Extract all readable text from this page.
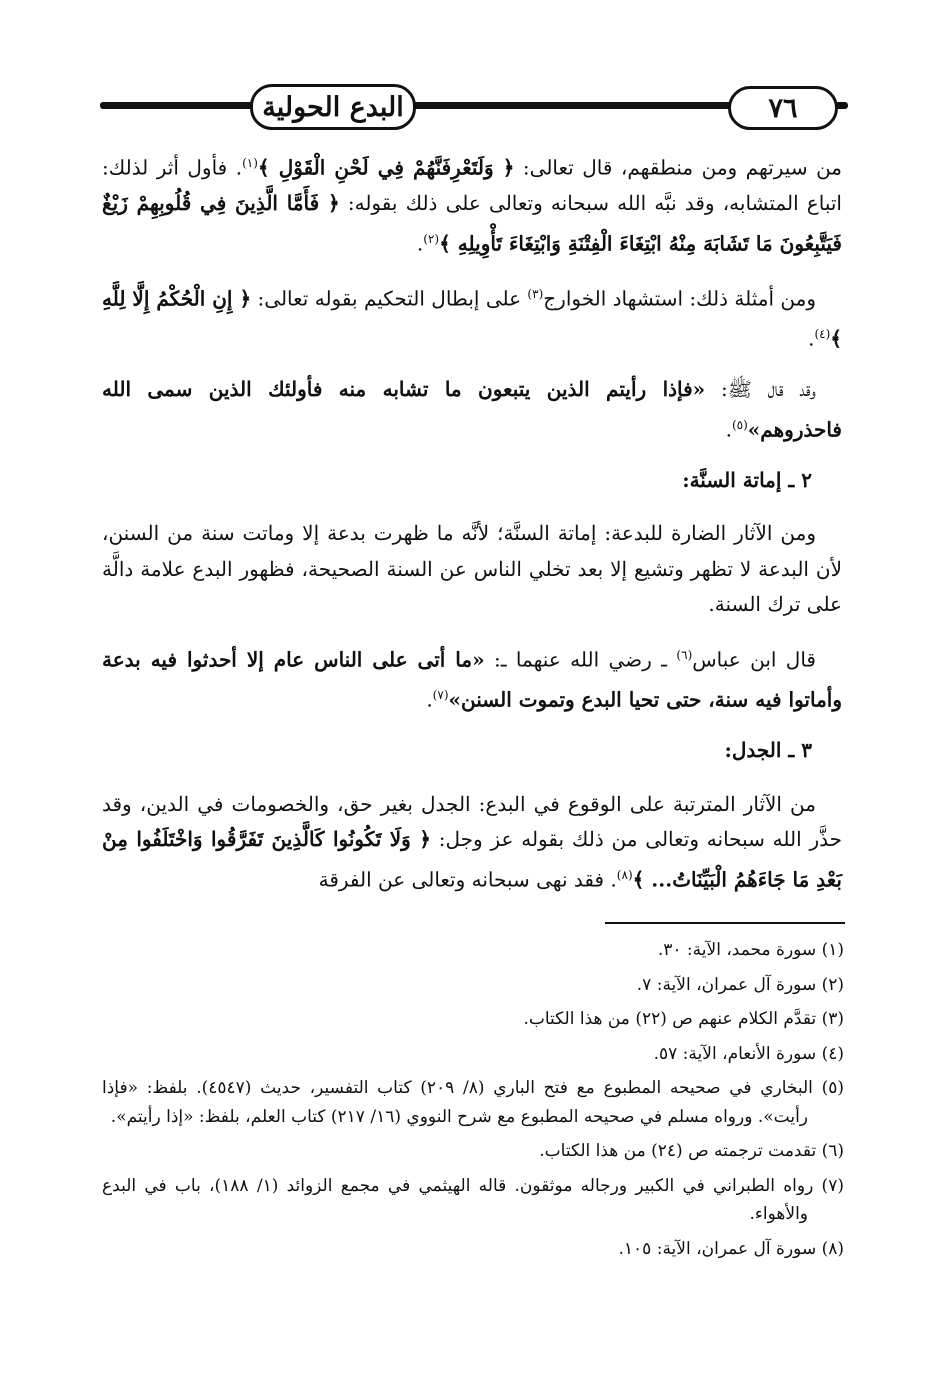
البدع الحولية	٧٦

من سيرتهم ومن منطقهم، قال تعالى: ﴿ وَلَتَعْرِفَنَّهُمْ فِي لَحْنِ الْقَوْلِ ﴾$^{(١)}$. فأول أثر لذلك: اتباع المتشابه، وقد نبَّه الله سبحانه وتعالى على ذلك بقوله: ﴿ فَأَمَّا الَّذِينَ فِي قُلُوبِهِمْ زَيْغٌ فَيَتَّبِعُونَ مَا تَشَابَهَ مِنْهُ ابْتِغَاءَ الْفِتْنَةِ وَابْتِغَاءَ تَأْوِيلِهِ ﴾$^{(٢)}$.

ومن أمثلة ذلك: استشهاد الخوارج$^{(٣)}$ على إبطال التحكيم بقوله تعالى: ﴿ إِنِ الْحُكْمُ إِلَّا لِلَّهِ ﴾$^{(٤)}$.

وقد قال ﷺ: «فإذا رأيتم الذين يتبعون ما تشابه منه فأولئك الذين سمى الله فاحذروهم»$^{(٥)}$.

٢ ـ إماتة السنَّة:

ومن الآثار الضارة للبدعة: إماتة السنَّة؛ لأنَّه ما ظهرت بدعة إلا وماتت سنة من السنن، لأن البدعة لا تظهر وتشيع إلا بعد تخلي الناس عن السنة الصحيحة، فظهور البدع علامة دالَّة على ترك السنة.

قال ابن عباس$^{(٦)}$ ـ رضي الله عنهما ـ: «ما أتى على الناس عام إلا أحدثوا فيه بدعة وأماتوا فيه سنة، حتى تحيا البدع وتموت السنن»$^{(٧)}$.

٣ ـ الجدل:

من الآثار المترتبة على الوقوع في البدع: الجدل بغير حق، والخصومات في الدين، وقد حذَّر الله سبحانه وتعالى من ذلك بقوله عز وجل: ﴿ وَلَا تَكُونُوا كَالَّذِينَ تَفَرَّقُوا وَاخْتَلَفُوا مِنْ بَعْدِ مَا جَاءَهُمُ الْبَيِّنَاتُ... ﴾$^{(٨)}$. فقد نهى سبحانه وتعالى عن الفرقة

(١) سورة محمد، الآية: ٣٠.
(٢) سورة آل عمران، الآية: ٧.
(٣) تقدَّم الكلام عنهم ص (٢٢) من هذا الكتاب.
(٤) سورة الأنعام، الآية: ٥٧.
(٥) البخاري في صحيحه المطبوع مع فتح الباري (٨/ ٢٠٩) كتاب التفسير، حديث (٤٥٤٧). بلفظ: «فإذا رأيت». ورواه مسلم في صحيحه المطبوع مع شرح النووي (١٦/ ٢١٧) كتاب العلم، بلفظ: «إذا رأيتم».
(٦) تقدمت ترجمته ص (٢٤) من هذا الكتاب.
(٧) رواه الطبراني في الكبير ورجاله موثقون. قاله الهيثمي في مجمع الزوائد (١/ ١٨٨)، باب في البدع والأهواء.
(٨) سورة آل عمران، الآية: ١٠٥.
